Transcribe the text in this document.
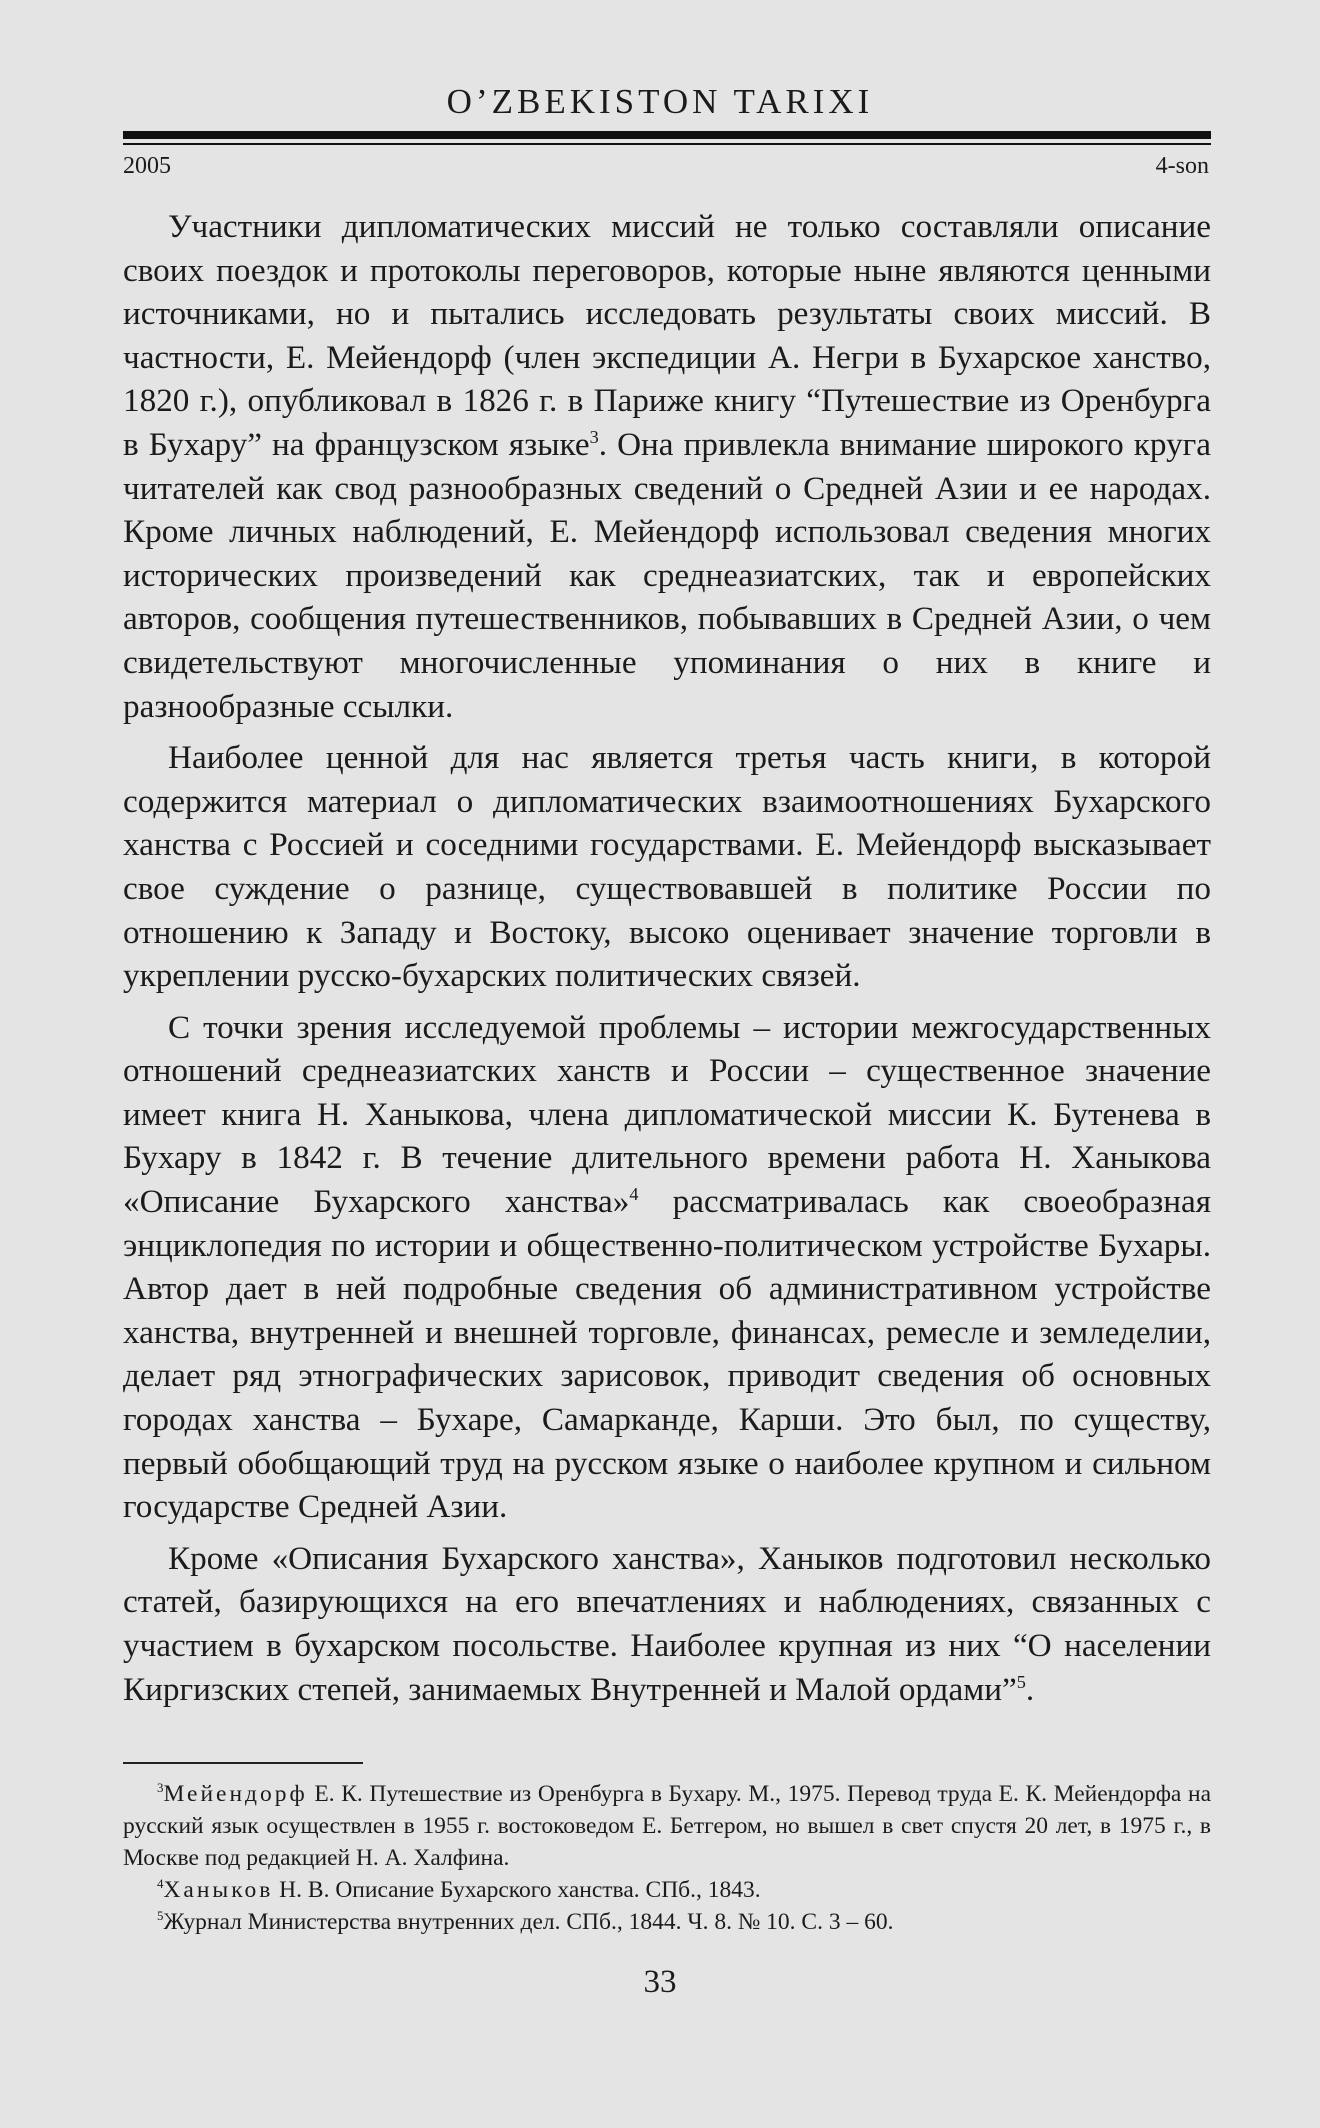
O’ZBEKISTON TARIXI
2005	4-son

Участники дипломатических миссий не только составляли описание своих поездок и протоколы переговоров, которые ныне являются ценными источниками, но и пытались исследовать результаты своих миссий. В частности, Е. Мейендорф (член экспедиции А. Негри в Бухарское ханство, 1820 г.), опубликовал в 1826 г. в Париже книгу “Путешествие из Оренбурга в Бухару” на французском языке$^3$. Она привлекла внимание широкого круга читателей как свод разнообразных сведений о Средней Азии и ее народах. Кроме личных наблюдений, Е. Мейендорф использовал сведения многих исторических произведений как среднеазиатских, так и европейских авторов, сообщения путешественников, побывавших в Средней Азии, о чем свидетельствуют многочисленные упоминания о них в книге и разнообразные ссылки.

Наиболее ценной для нас является третья часть книги, в которой содержится материал о дипломатических взаимоотношениях Бухарского ханства с Россией и соседними государствами. Е. Мейендорф высказывает свое суждение о разнице, существовавшей в политике России по отношению к Западу и Востоку, высоко оценивает значение торговли в укреплении русско-бухарских политических связей.

С точки зрения исследуемой проблемы – истории межгосударственных отношений среднеазиатских ханств и России – существенное значение имеет книга Н. Ханыкова, члена дипломатической миссии К. Бутенева в Бухару в 1842 г. В течение длительного времени работа Н. Ханыкова «Описание Бухарского ханства»$^4$ рассматривалась как своеобразная энциклопедия по истории и общественно-политическом устройстве Бухары. Автор дает в ней подробные сведения об административном устройстве ханства, внутренней и внешней торговле, финансах, ремесле и земледелии, делает ряд этнографических зарисовок, приводит сведения об основных городах ханства – Бухаре, Самарканде, Карши. Это был, по существу, первый обобщающий труд на русском языке о наиболее крупном и сильном государстве Средней Азии.

Кроме «Описания Бухарского ханства», Ханыков подготовил несколько статей, базирующихся на его впечатлениях и наблюдениях, связанных с участием в бухарском посольстве. Наиболее крупная из них “О населении Киргизских степей, занимаемых Внутренней и Малой ордами”$^5$.

$^3$Мейендорф Е. К. Путешествие из Оренбурга в Бухару. М., 1975. Перевод труда Е. К. Мейендорфа на русский язык осуществлен в 1955 г. востоковедом Е. Бетгером, но вышел в свет спустя 20 лет, в 1975 г., в Москве под редакцией Н. А. Халфина.

$^4$Ханыков Н. В. Описание Бухарского ханства. СПб., 1843.

$^5$Журнал Министерства внутренних дел. СПб., 1844. Ч. 8. № 10. С. 3 – 60.

33
